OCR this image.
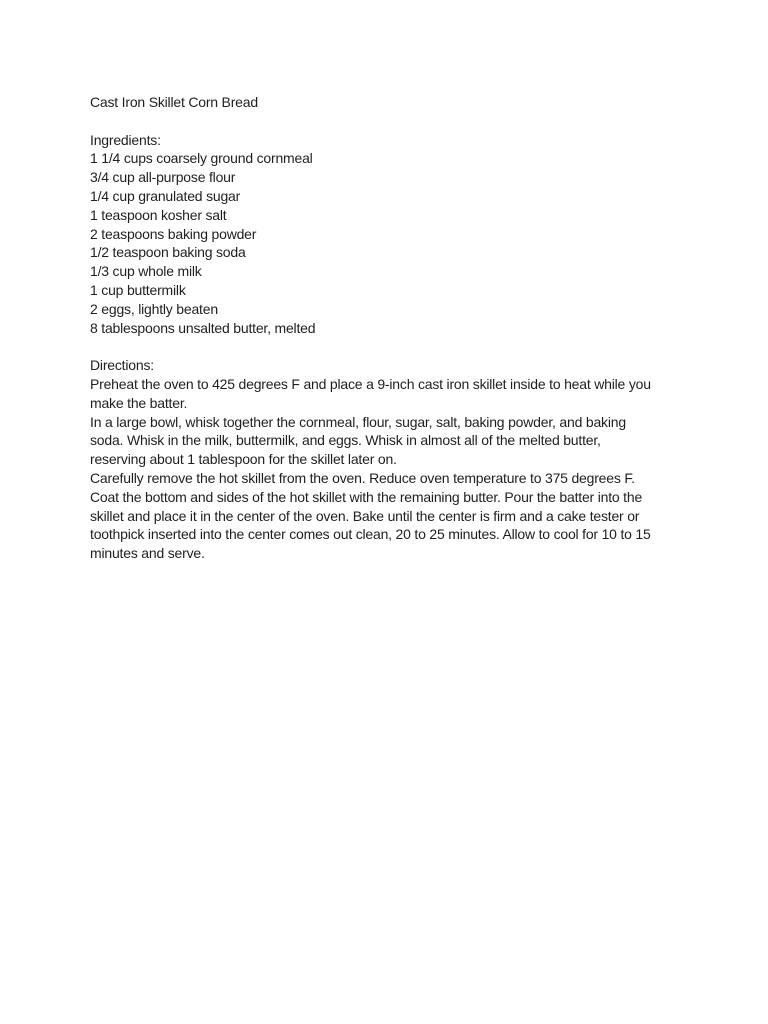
Cast Iron Skillet Corn Bread
Ingredients:
1 1/4 cups coarsely ground cornmeal
3/4 cup all-purpose flour
1/4 cup granulated sugar
1 teaspoon kosher salt
2 teaspoons baking powder
1/2 teaspoon baking soda
1/3 cup whole milk
1 cup buttermilk
2 eggs, lightly beaten
8 tablespoons unsalted butter, melted
Directions:
Preheat the oven to 425 degrees F and place a 9-inch cast iron skillet inside to heat while you
make the batter.
In a large bowl, whisk together the cornmeal, flour, sugar, salt, baking powder, and baking
soda. Whisk in the milk, buttermilk, and eggs. Whisk in almost all of the melted butter,
reserving about 1 tablespoon for the skillet later on.
Carefully remove the hot skillet from the oven. Reduce oven temperature to 375 degrees F.
Coat the bottom and sides of the hot skillet with the remaining butter. Pour the batter into the
skillet and place it in the center of the oven. Bake until the center is firm and a cake tester or
toothpick inserted into the center comes out clean, 20 to 25 minutes. Allow to cool for 10 to 15
minutes and serve.
